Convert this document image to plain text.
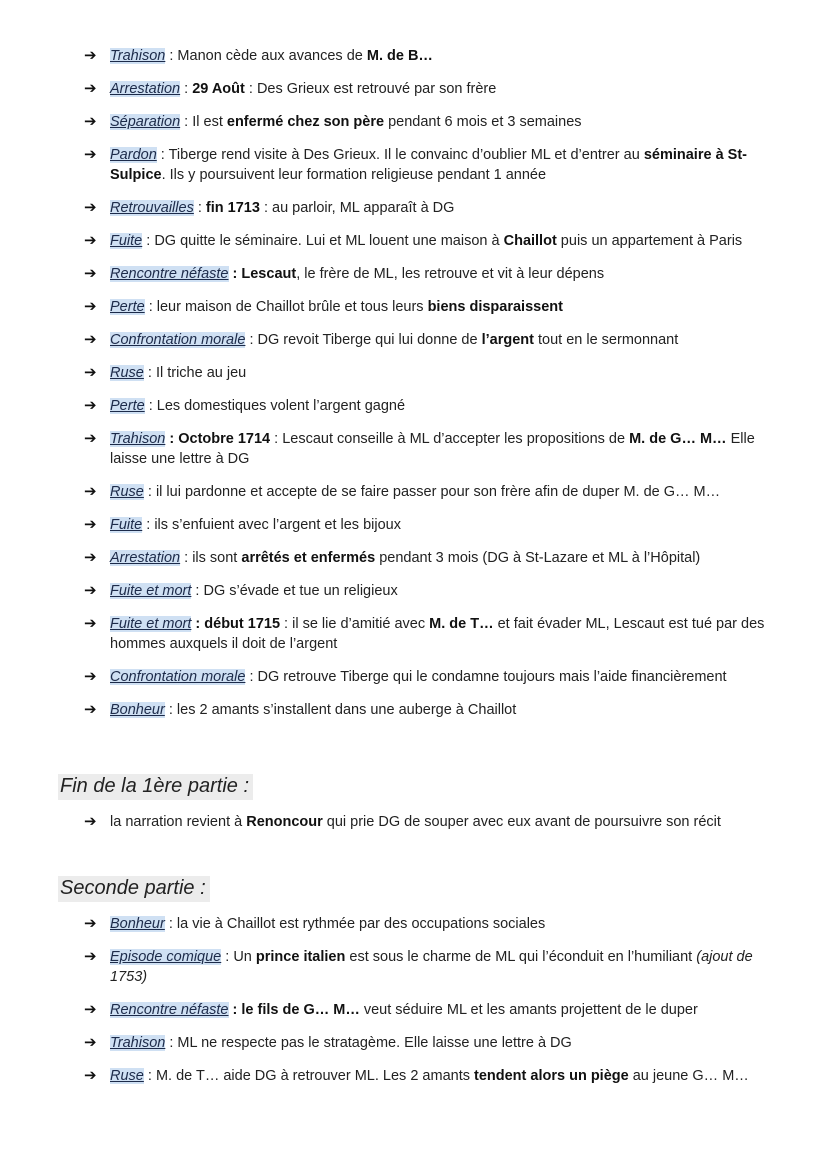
➔ Trahison : Manon cède aux avances de M. de B…
➔ Arrestation : 29 Août : Des Grieux est retrouvé par son frère
➔ Séparation : Il est enfermé chez son père pendant 6 mois et 3 semaines
➔ Pardon : Tiberge rend visite à Des Grieux. Il le convainc d’oublier ML et d’entrer au séminaire à St-Sulpice. Ils y poursuivent leur formation religieuse pendant 1 année
➔ Retrouvailles : fin 1713 : au parloir, ML apparaît à DG
➔ Fuite : DG quitte le séminaire. Lui et ML louent une maison à Chaillot puis un appartement à Paris
➔ Rencontre néfaste : Lescaut, le frère de ML, les retrouve et vit à leur dépens
➔ Perte : leur maison de Chaillot brûle et tous leurs biens disparaissent
➔ Confrontation morale : DG revoit Tiberge qui lui donne de l’argent tout en le sermonnant
➔ Ruse : Il triche au jeu
➔ Perte : Les domestiques volent l’argent gagné
➔ Trahison : Octobre 1714 : Lescaut conseille à ML d’accepter les propositions de M. de G… M… Elle laisse une lettre à DG
➔ Ruse : il lui pardonne et accepte de se faire passer pour son frère afin de duper M. de G… M…
➔ Fuite : ils s’enfuient avec l’argent et les bijoux
➔ Arrestation : ils sont arrêtés et enfermés pendant 3 mois (DG à St-Lazare et ML à l’Hôpital)
➔ Fuite et mort : DG s’évade et tue un religieux
➔ Fuite et mort : début 1715 : il se lie d’amitié avec M. de T… et fait évader ML, Lescaut est tué par des hommes auxquels il doit de l’argent
➔ Confrontation morale : DG retrouve Tiberge qui le condamne toujours mais l’aide financièrement
➔ Bonheur : les 2 amants s’installent dans une auberge à Chaillot
Fin de la 1ère partie :
➔ la narration revient à Renoncour qui prie DG de souper avec eux avant de poursuivre son récit
Seconde partie :
➔ Bonheur : la vie à Chaillot est rythmée par des occupations sociales
➔ Episode comique : Un prince italien est sous le charme de ML qui l’éconduit en l’humiliant (ajout de 1753)
➔ Rencontre néfaste : le fils de G… M… veut séduire ML et les amants projettent de le duper
➔ Trahison : ML ne respecte pas le stratagème. Elle laisse une lettre à DG
➔ Ruse : M. de T… aide DG à retrouver ML. Les 2 amants tendent alors un piège au jeune G… M…
